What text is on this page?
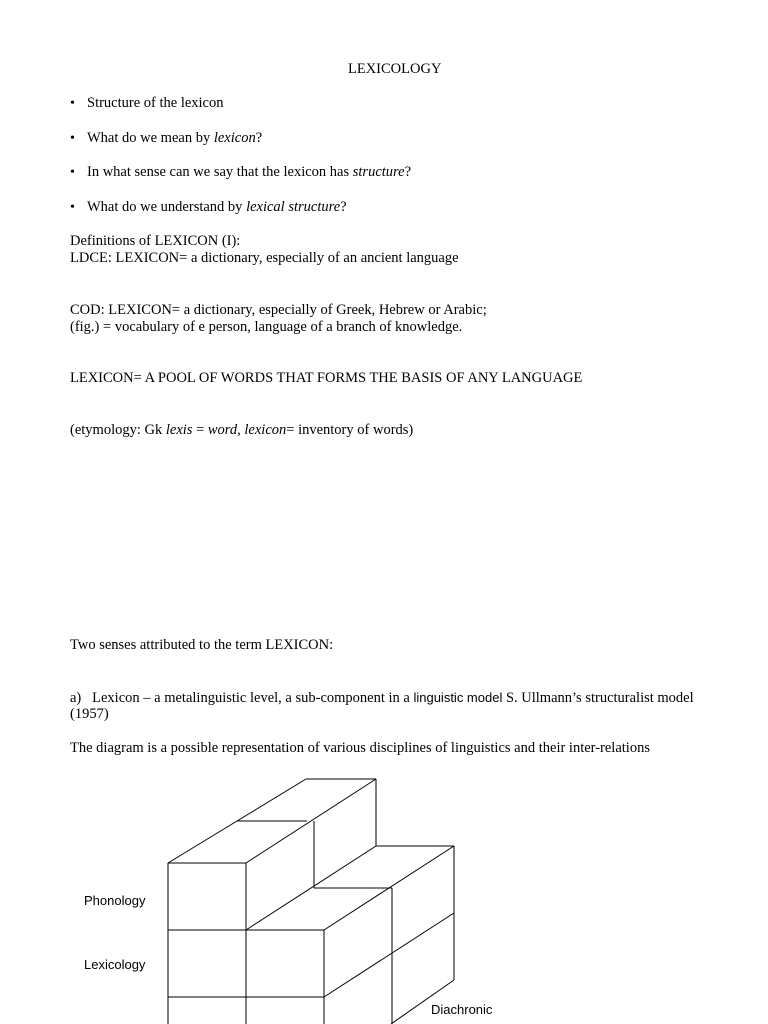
LEXICOLOGY
• Structure of the lexicon
• What do we mean by lexicon?
• In what sense can we say that the lexicon has structure?
• What do we understand by lexical structure?
Definitions of LEXICON (I):
LDCE: LEXICON= a dictionary, especially of an ancient language
COD: LEXICON= a dictionary, especially of Greek, Hebrew or Arabic;
(fig.) = vocabulary of e person, language of a branch of knowledge.
LEXICON= A POOL OF WORDS THAT FORMS THE BASIS OF ANY LANGUAGE
(etymology: Gk lexis = word, lexicon= inventory of words)
Two senses attributed to the term LEXICON:
a) Lexicon – a metalinguistic level, a sub-component in a linguistic model S. Ullmann’s structuralist model
(1957)
The diagram is a possible representation of various disciplines of linguistics and their inter-relations
Phonology
Lexicology
Diachronic
